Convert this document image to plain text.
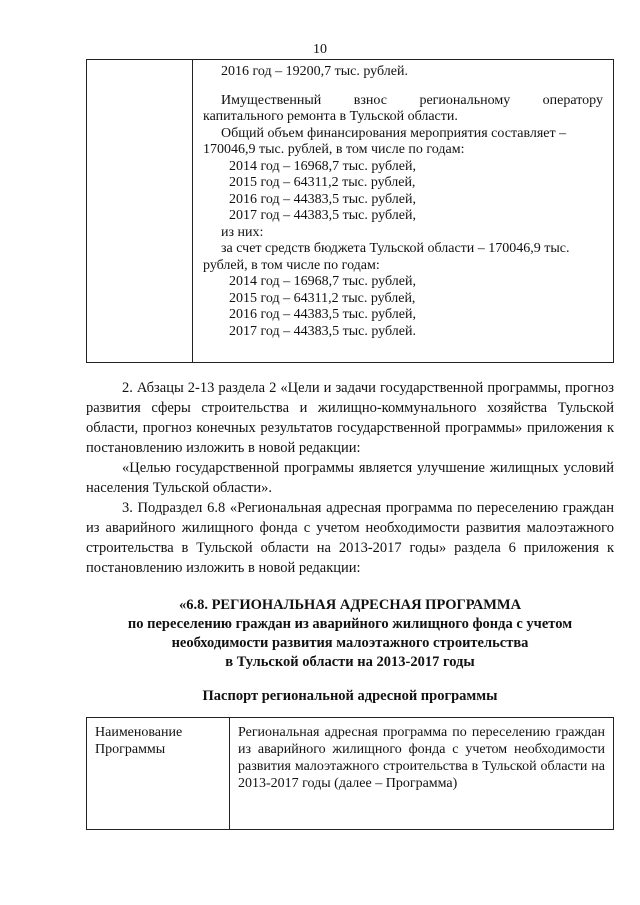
10

2016 год – 19200,7 тыс. рублей.
Имущественный взнос региональному оператору
капитального ремонта в Тульской области.
Общий объем финансирования мероприятия составляет –
170046,9 тыс. рублей, в том числе по годам:
2014 год – 16968,7 тыс. рублей,
2015 год – 64311,2 тыс. рублей,
2016 год – 44383,5 тыс. рублей,
2017 год – 44383,5 тыс. рублей,
из них:
за счет средств бюджета Тульской области – 170046,9 тыс.
рублей, в том числе по годам:
2014 год – 16968,7 тыс. рублей,
2015 год – 64311,2 тыс. рублей,
2016 год – 44383,5 тыс. рублей,
2017 год – 44383,5 тыс. рублей.

2. Абзацы 2-13 раздела 2 «Цели и задачи государственной программы, прогноз развития сферы строительства и жилищно-коммунального хозяйства Тульской области, прогноз конечных результатов государственной программы» приложения к постановлению изложить в новой редакции:

«Целью государственной программы является улучшение жилищных условий населения Тульской области».

3. Подраздел 6.8 «Региональная адресная программа по переселению граждан из аварийного жилищного фонда с учетом необходимости развития малоэтажного строительства в Тульской области на 2013-2017 годы» раздела 6 приложения к постановлению изложить в новой редакции:

«6.8. РЕГИОНАЛЬНАЯ АДРЕСНАЯ ПРОГРАММА
по переселению граждан из аварийного жилищного фонда с учетом
необходимости развития малоэтажного строительства
в Тульской области на 2013-2017 годы
Паспорт региональной адресной программы
Наименование Программы	Региональная адресная программа по переселению граждан из аварийного жилищного фонда с учетом необходимости развития малоэтажного строительства в Тульской области на 2013-2017 годы (далее – Программа)
